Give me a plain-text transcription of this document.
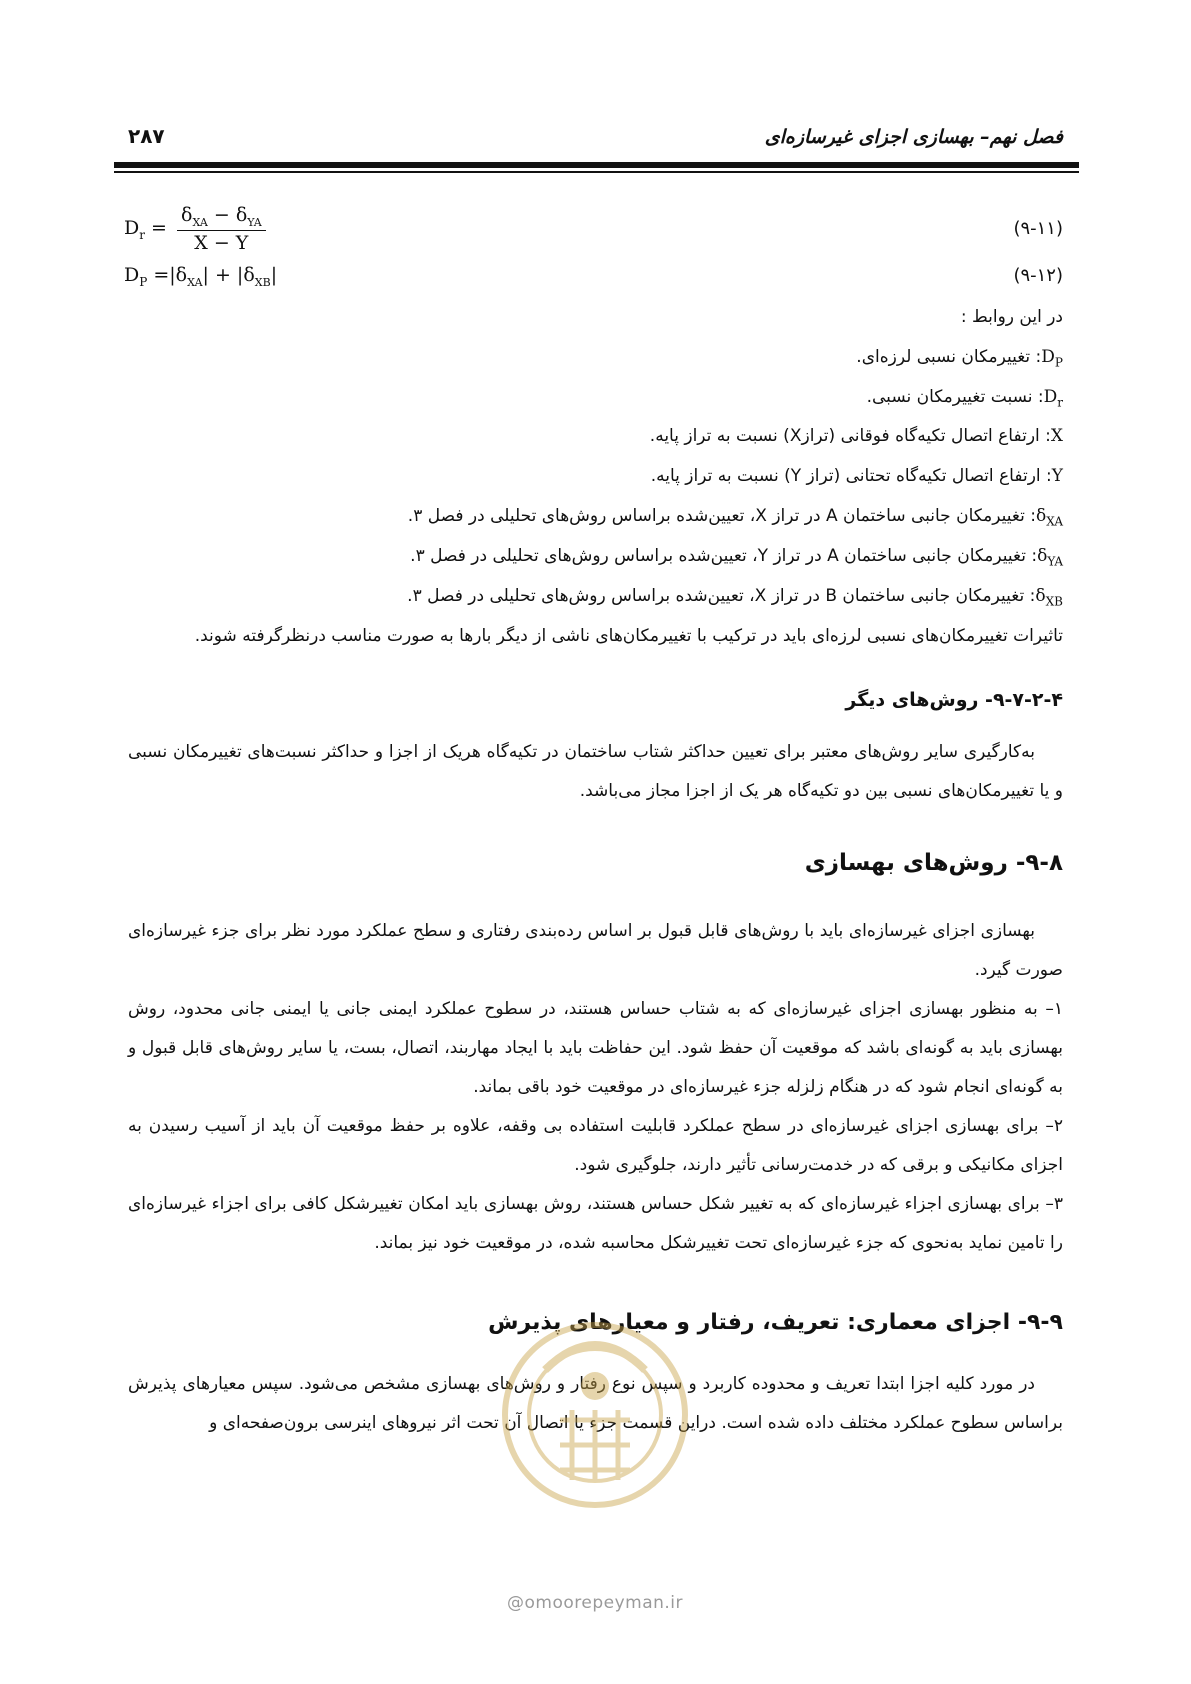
فصل نهم– بهسازی اجزای غیرسازه‌ای
۲۸۷
$D_r = \frac{\delta_{XA} - \delta_{YA}}{X - Y}$	(۹-۱۱)
$D_P =|\delta_{XA}| + |\delta_{XB}|$	(۹-۱۲)
در این روابط :
$D_P$: تغییرمکان نسبی لرزه‌ای.
$D_r$: نسبت تغییرمکان نسبی.
X: ارتفاع اتصال تکیه‌گاه فوقانی (ترازX) نسبت به تراز پایه.
Y: ارتفاع اتصال تکیه‌گاه تحتانی (تراز Y) نسبت به تراز پایه.
$\delta_{XA}$: تغییرمکان جانبی ساختمان A در تراز X، تعیین‌شده براساس روش‌های تحلیلی در فصل ۳.
$\delta_{YA}$: تغییرمکان جانبی ساختمان A در تراز Y، تعیین‌شده براساس روش‌های تحلیلی در فصل ۳.
$\delta_{XB}$: تغییرمکان جانبی ساختمان B در تراز X، تعیین‌شده براساس روش‌های تحلیلی در فصل ۳.
تاثیرات تغییرمکان‌های نسبی لرزه‌ای باید در ترکیب با تغییرمکان‌های ناشی از دیگر بارها به صورت مناسب درنظرگرفته شوند.
۹-۷-۲-۴- روش‌های دیگر
به‌کارگیری سایر روش‌های معتبر برای تعیین حداکثر شتاب ساختمان در تکیه‌گاه هریک از اجزا و حداکثر نسبت‌های تغییرمکان نسبی و یا تغییرمکان‌های نسبی بین دو تکیه‌گاه هر یک از اجزا مجاز می‌باشد.
۹-۸- روش‌های بهسازی
بهسازی اجزای غیرسازه‌ای باید با روش‌های قابل قبول بر اساس رده‌بندی رفتاری و سطح عملکرد مورد نظر برای جزء غیرسازه‌ای صورت گیرد.
۱– به منظور بهسازی اجزای غیرسازه‌ای که به شتاب حساس هستند، در سطوح عملکرد ایمنی جانی یا ایمنی جانی محدود، روش بهسازی باید به گونه‌ای باشد که موقعیت آن حفظ شود. این حفاظت باید با ایجاد مهاربند، اتصال، بست، یا سایر روش‌های قابل قبول و به گونه‌ای انجام شود که در هنگام زلزله جزء غیرسازه‌ای در موقعیت خود باقی بماند.
۲– برای بهسازی اجزای غیرسازه‌ای در سطح عملکرد قابلیت استفاده بی وقفه، علاوه بر حفظ موقعیت آن باید از آسیب رسیدن به اجزای مکانیکی و برقی که در خدمت‌رسانی تأثیر دارند، جلوگیری شود.
۳– برای بهسازی اجزاء غیرسازه‌ای که به تغییر شکل حساس هستند، روش بهسازی باید امکان تغییرشکل کافی برای اجزاء غیرسازه‌ای را تامین نماید به‌نحوی که جزء غیرسازه‌ای تحت تغییرشکل محاسبه شده، در موقعیت خود نیز بماند.
۹-۹- اجزای معماری: تعریف، رفتار و معیارهای پذیرش
در مورد کلیه اجزا ابتدا تعریف و محدوده کاربرد و سپس نوع رفتار و روش‌های بهسازی مشخص می‌شود. سپس معیارهای پذیرش براساس سطوح عملکرد مختلف داده شده است. دراین قسمت جزء یا اتصال آن تحت اثر نیروهای اینرسی برون‌صفحه‌ای و
@omoorepeyman.ir
